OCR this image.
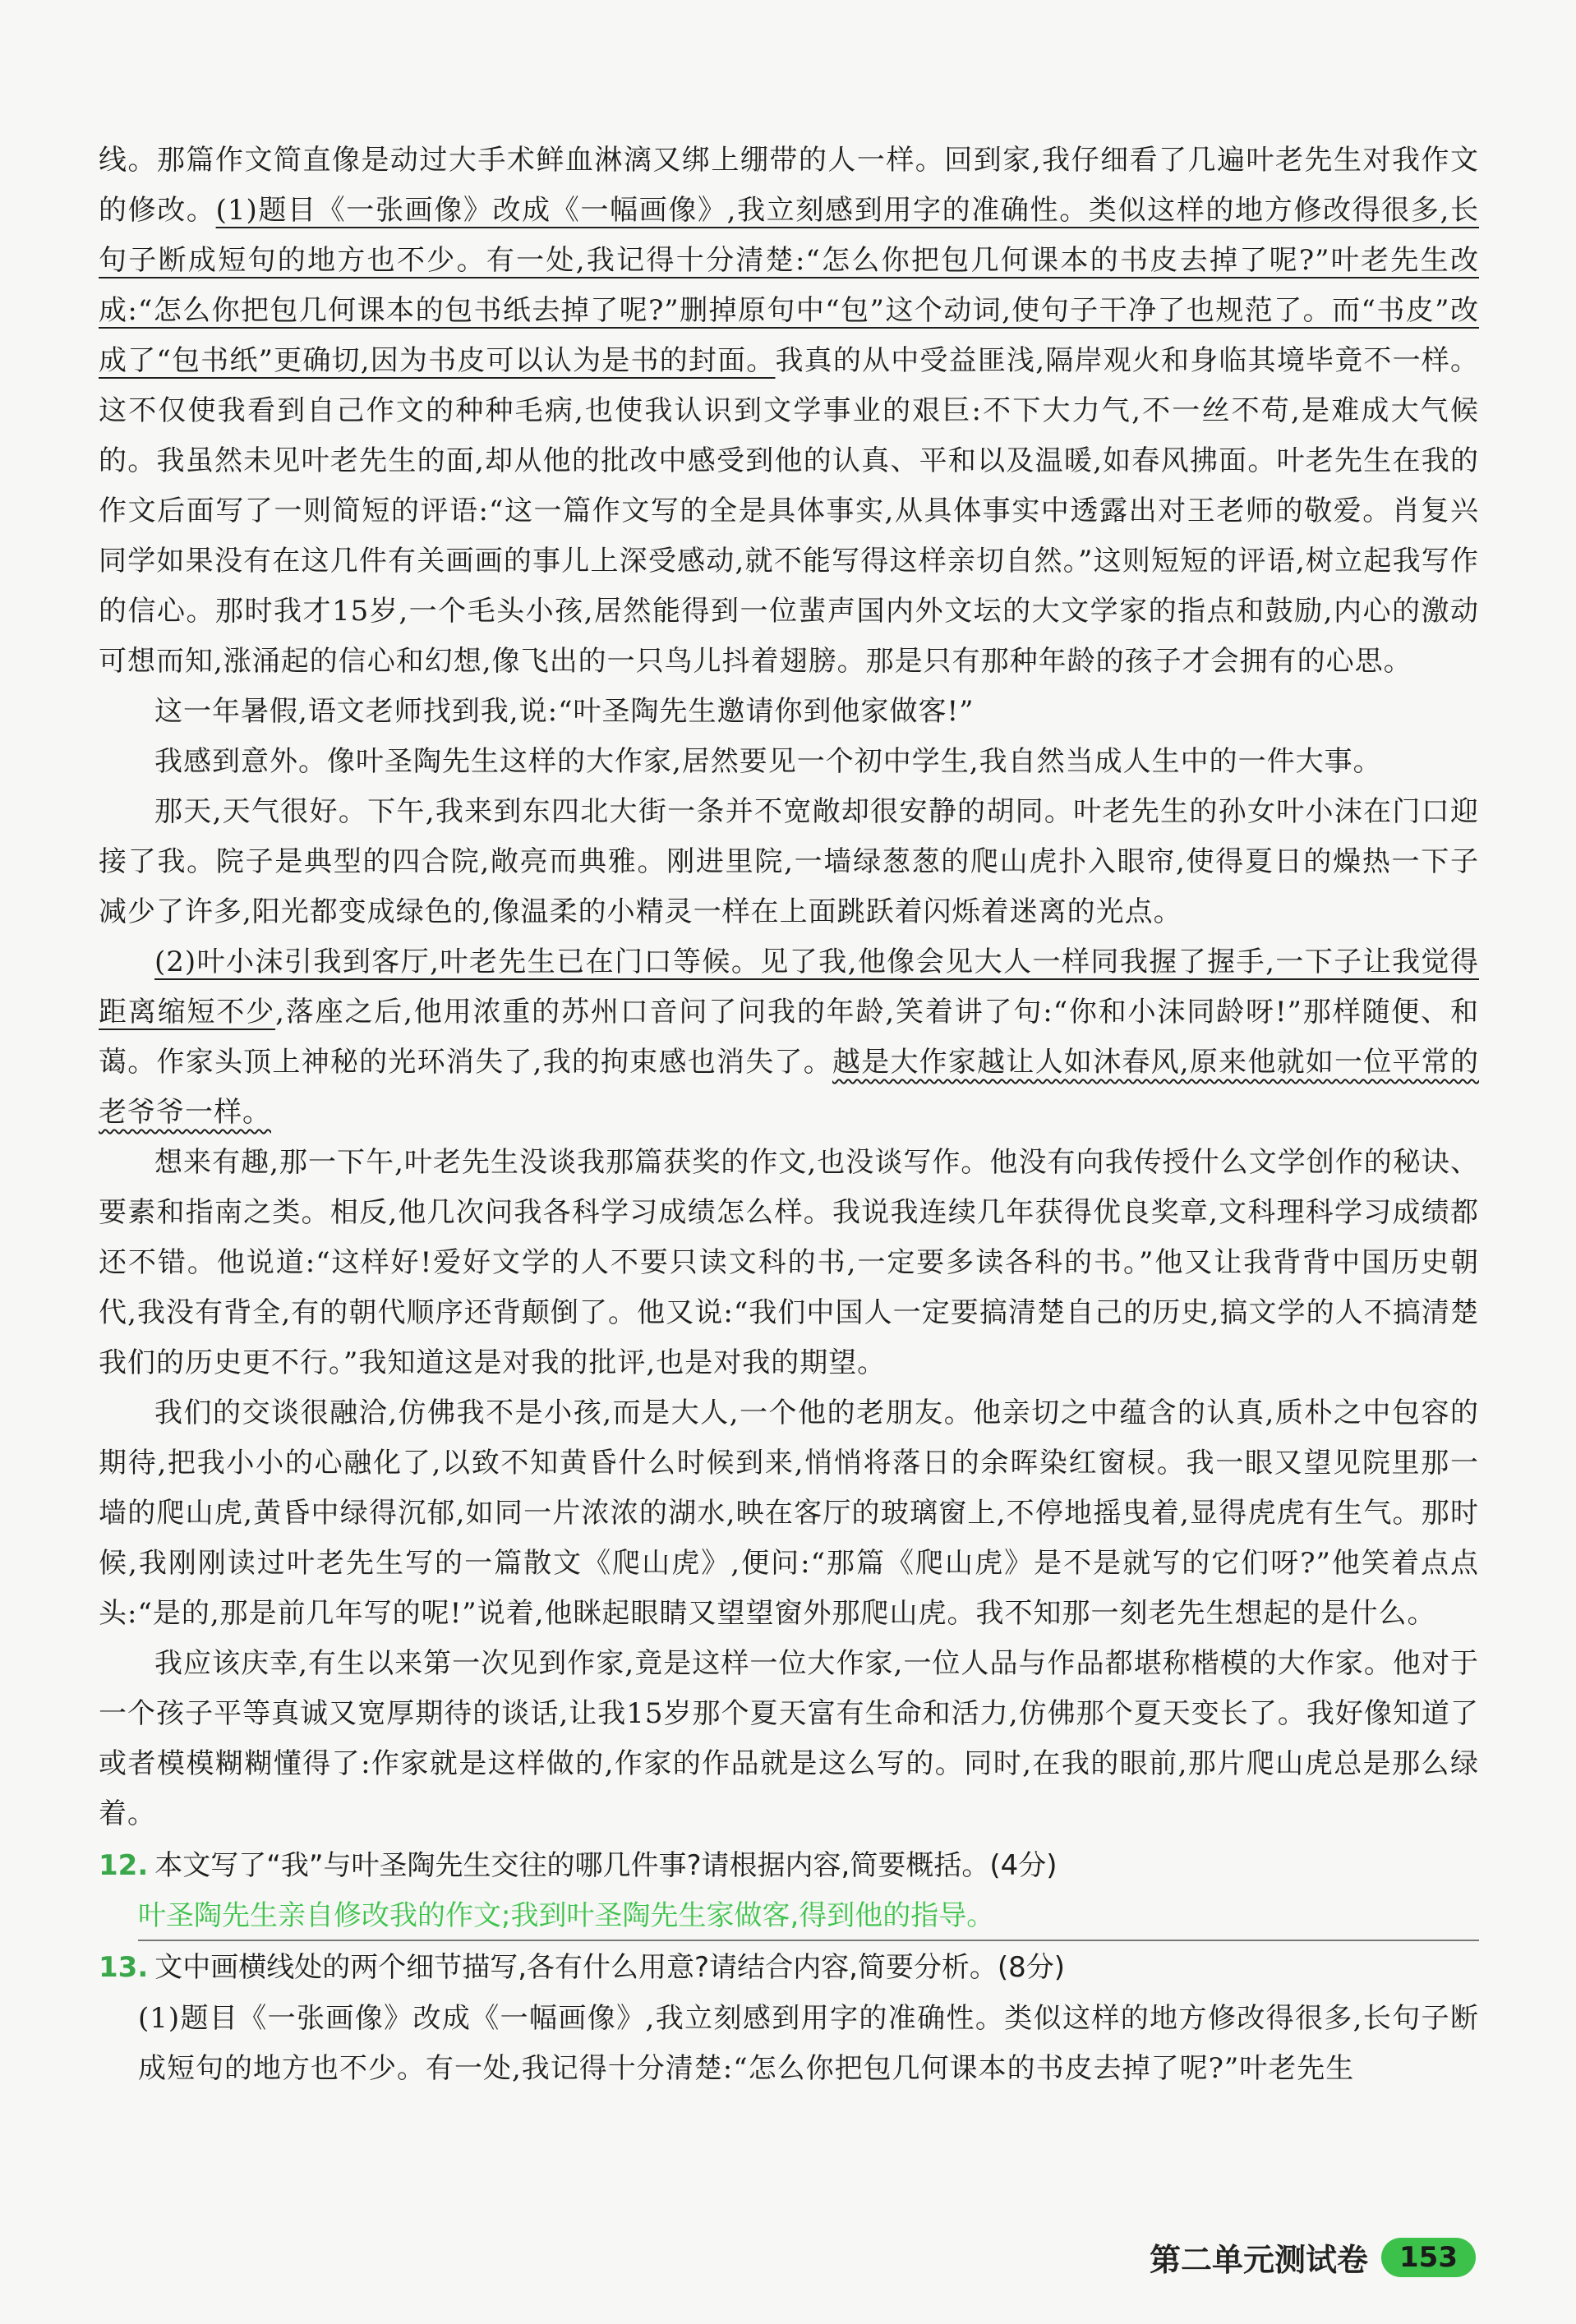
线。那篇作文简直像是动过大手术鲜血淋漓又绑上绷带的人一样。回到家,我仔细看了几遍叶老先生对我作文的修改。(1)题目《一张画像》改成《一幅画像》,我立刻感到用字的准确性。类似这样的地方修改得很多,长句子断成短句的地方也不少。有一处,我记得十分清楚:“怎么你把包几何课本的书皮去掉了呢?”叶老先生改成:“怎么你把包几何课本的包书纸去掉了呢?”删掉原句中“包”这个动词,使句子干净了也规范了。而“书皮”改成了“包书纸”更确切,因为书皮可以认为是书的封面。我真的从中受益匪浅,隔岸观火和身临其境毕竟不一样。这不仅使我看到自己作文的种种毛病,也使我认识到文学事业的艰巨:不下大力气,不一丝不苟,是难成大气候的。我虽然未见叶老先生的面,却从他的批改中感受到他的认真、平和以及温暖,如春风拂面。叶老先生在我的作文后面写了一则简短的评语:“这一篇作文写的全是具体事实,从具体事实中透露出对王老师的敬爱。肖复兴同学如果没有在这几件有关画画的事儿上深受感动,就不能写得这样亲切自然。”这则短短的评语,树立起我写作的信心。那时我才15岁,一个毛头小孩,居然能得到一位蜚声国内外文坛的大文学家的指点和鼓励,内心的激动可想而知,涨涌起的信心和幻想,像飞出的一只鸟儿抖着翅膀。那是只有那种年龄的孩子才会拥有的心思。

这一年暑假,语文老师找到我,说:“叶圣陶先生邀请你到他家做客!”

我感到意外。像叶圣陶先生这样的大作家,居然要见一个初中学生,我自然当成人生中的一件大事。

那天,天气很好。下午,我来到东四北大街一条并不宽敞却很安静的胡同。叶老先生的孙女叶小沫在门口迎接了我。院子是典型的四合院,敞亮而典雅。刚进里院,一墙绿葱葱的爬山虎扑入眼帘,使得夏日的燥热一下子减少了许多,阳光都变成绿色的,像温柔的小精灵一样在上面跳跃着闪烁着迷离的光点。

(2)叶小沫引我到客厅,叶老先生已在门口等候。见了我,他像会见大人一样同我握了握手,一下子让我觉得距离缩短不少,落座之后,他用浓重的苏州口音问了问我的年龄,笑着讲了句:“你和小沫同龄呀!”那样随便、和蔼。作家头顶上神秘的光环消失了,我的拘束感也消失了。越是大作家越让人如沐春风,原来他就如一位平常的老爷爷一样。

想来有趣,那一下午,叶老先生没谈我那篇获奖的作文,也没谈写作。他没有向我传授什么文学创作的秘诀、要素和指南之类。相反,他几次问我各科学习成绩怎么样。我说我连续几年获得优良奖章,文科理科学习成绩都还不错。他说道:“这样好!爱好文学的人不要只读文科的书,一定要多读各科的书。”他又让我背背中国历史朝代,我没有背全,有的朝代顺序还背颠倒了。他又说:“我们中国人一定要搞清楚自己的历史,搞文学的人不搞清楚我们的历史更不行。”我知道这是对我的批评,也是对我的期望。

我们的交谈很融洽,仿佛我不是小孩,而是大人,一个他的老朋友。他亲切之中蕴含的认真,质朴之中包容的期待,把我小小的心融化了,以致不知黄昏什么时候到来,悄悄将落日的余晖染红窗棂。我一眼又望见院里那一墙的爬山虎,黄昏中绿得沉郁,如同一片浓浓的湖水,映在客厅的玻璃窗上,不停地摇曳着,显得虎虎有生气。那时候,我刚刚读过叶老先生写的一篇散文《爬山虎》,便问:“那篇《爬山虎》是不是就写的它们呀?”他笑着点点头:“是的,那是前几年写的呢!”说着,他眯起眼睛又望望窗外那爬山虎。我不知那一刻老先生想起的是什么。

我应该庆幸,有生以来第一次见到作家,竟是这样一位大作家,一位人品与作品都堪称楷模的大作家。他对于一个孩子平等真诚又宽厚期待的谈话,让我15岁那个夏天富有生命和活力,仿佛那个夏天变长了。我好像知道了或者模模糊糊懂得了:作家就是这样做的,作家的作品就是这么写的。同时,在我的眼前,那片爬山虎总是那么绿着。

12. 本文写了“我”与叶圣陶先生交往的哪几件事?请根据内容,简要概括。(4分)

叶圣陶先生亲自修改我的作文;我到叶圣陶先生家做客,得到他的指导。

13. 文中画横线处的两个细节描写,各有什么用意?请结合内容,简要分析。(8分)

(1)题目《一张画像》改成《一幅画像》,我立刻感到用字的准确性。类似这样的地方修改得很多,长句子断成短句的地方也不少。有一处,我记得十分清楚:“怎么你把包几何课本的书皮去掉了呢?”叶老先生

第二单元测试卷	153
